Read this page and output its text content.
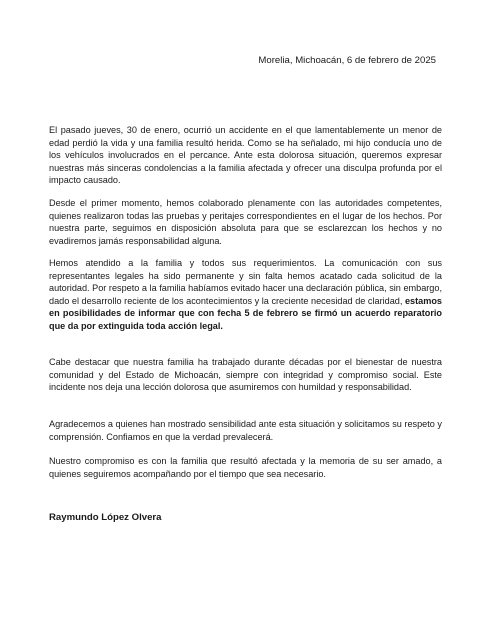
Morelia, Michoacán, 6 de febrero de 2025

El pasado jueves, 30 de enero, ocurrió un accidente en el que lamentablemente un menor de edad perdió la vida y una familia resultó herida. Como se ha señalado, mi hijo conducía uno de los vehículos involucrados en el percance. Ante esta dolorosa situación, queremos expresar nuestras más sinceras condolencias a la familia afectada y ofrecer una disculpa profunda por el impacto causado.

Desde el primer momento, hemos colaborado plenamente con las autoridades competentes, quienes realizaron todas las pruebas y peritajes correspondientes en el lugar de los hechos. Por nuestra parte, seguimos en disposición absoluta para que se esclarezcan los hechos y no evadiremos jamás responsabilidad alguna.

Hemos atendido a la familia y todos sus requerimientos. La comunicación con sus representantes legales ha sido permanente y sin falta hemos acatado cada solicitud de la autoridad. Por respeto a la familia habíamos evitado hacer una declaración pública, sin embargo, dado el desarrollo reciente de los acontecimientos y la creciente necesidad de claridad, estamos en posibilidades de informar que con fecha 5 de febrero se firmó un acuerdo reparatorio que da por extinguida toda acción legal.

Cabe destacar que nuestra familia ha trabajado durante décadas por el bienestar de nuestra comunidad y del Estado de Michoacán, siempre con integridad y compromiso social. Este incidente nos deja una lección dolorosa que asumiremos con humildad y responsabilidad.

Agradecemos a quienes han mostrado sensibilidad ante esta situación y solicitamos su respeto y comprensión. Confiamos en que la verdad prevalecerá.

Nuestro compromiso es con la familia que resultó afectada y la memoria de su ser amado, a quienes seguiremos acompañando por el tiempo que sea necesario.

Raymundo López Olvera
